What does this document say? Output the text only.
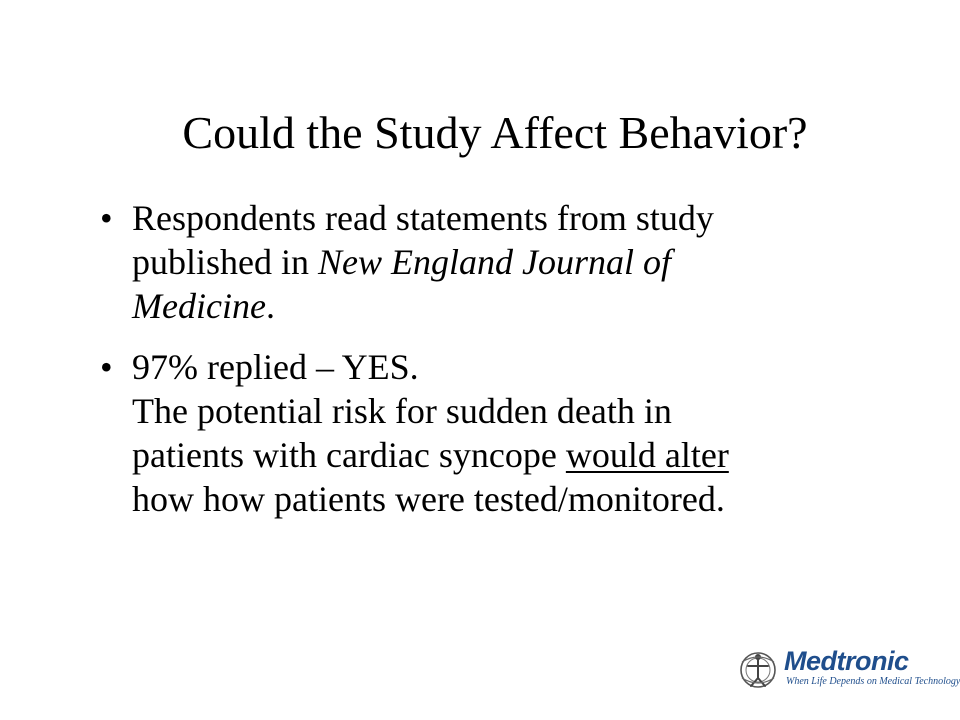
Could the Study Affect Behavior?
• Respondents read statements from study
published in New England Journal of
Medicine.
• 97% replied – YES.
The potential risk for sudden death in
patients with cardiac syncope would alter
how how patients were tested/monitored.
Medtronic
When Life Depends on Medical Technology
